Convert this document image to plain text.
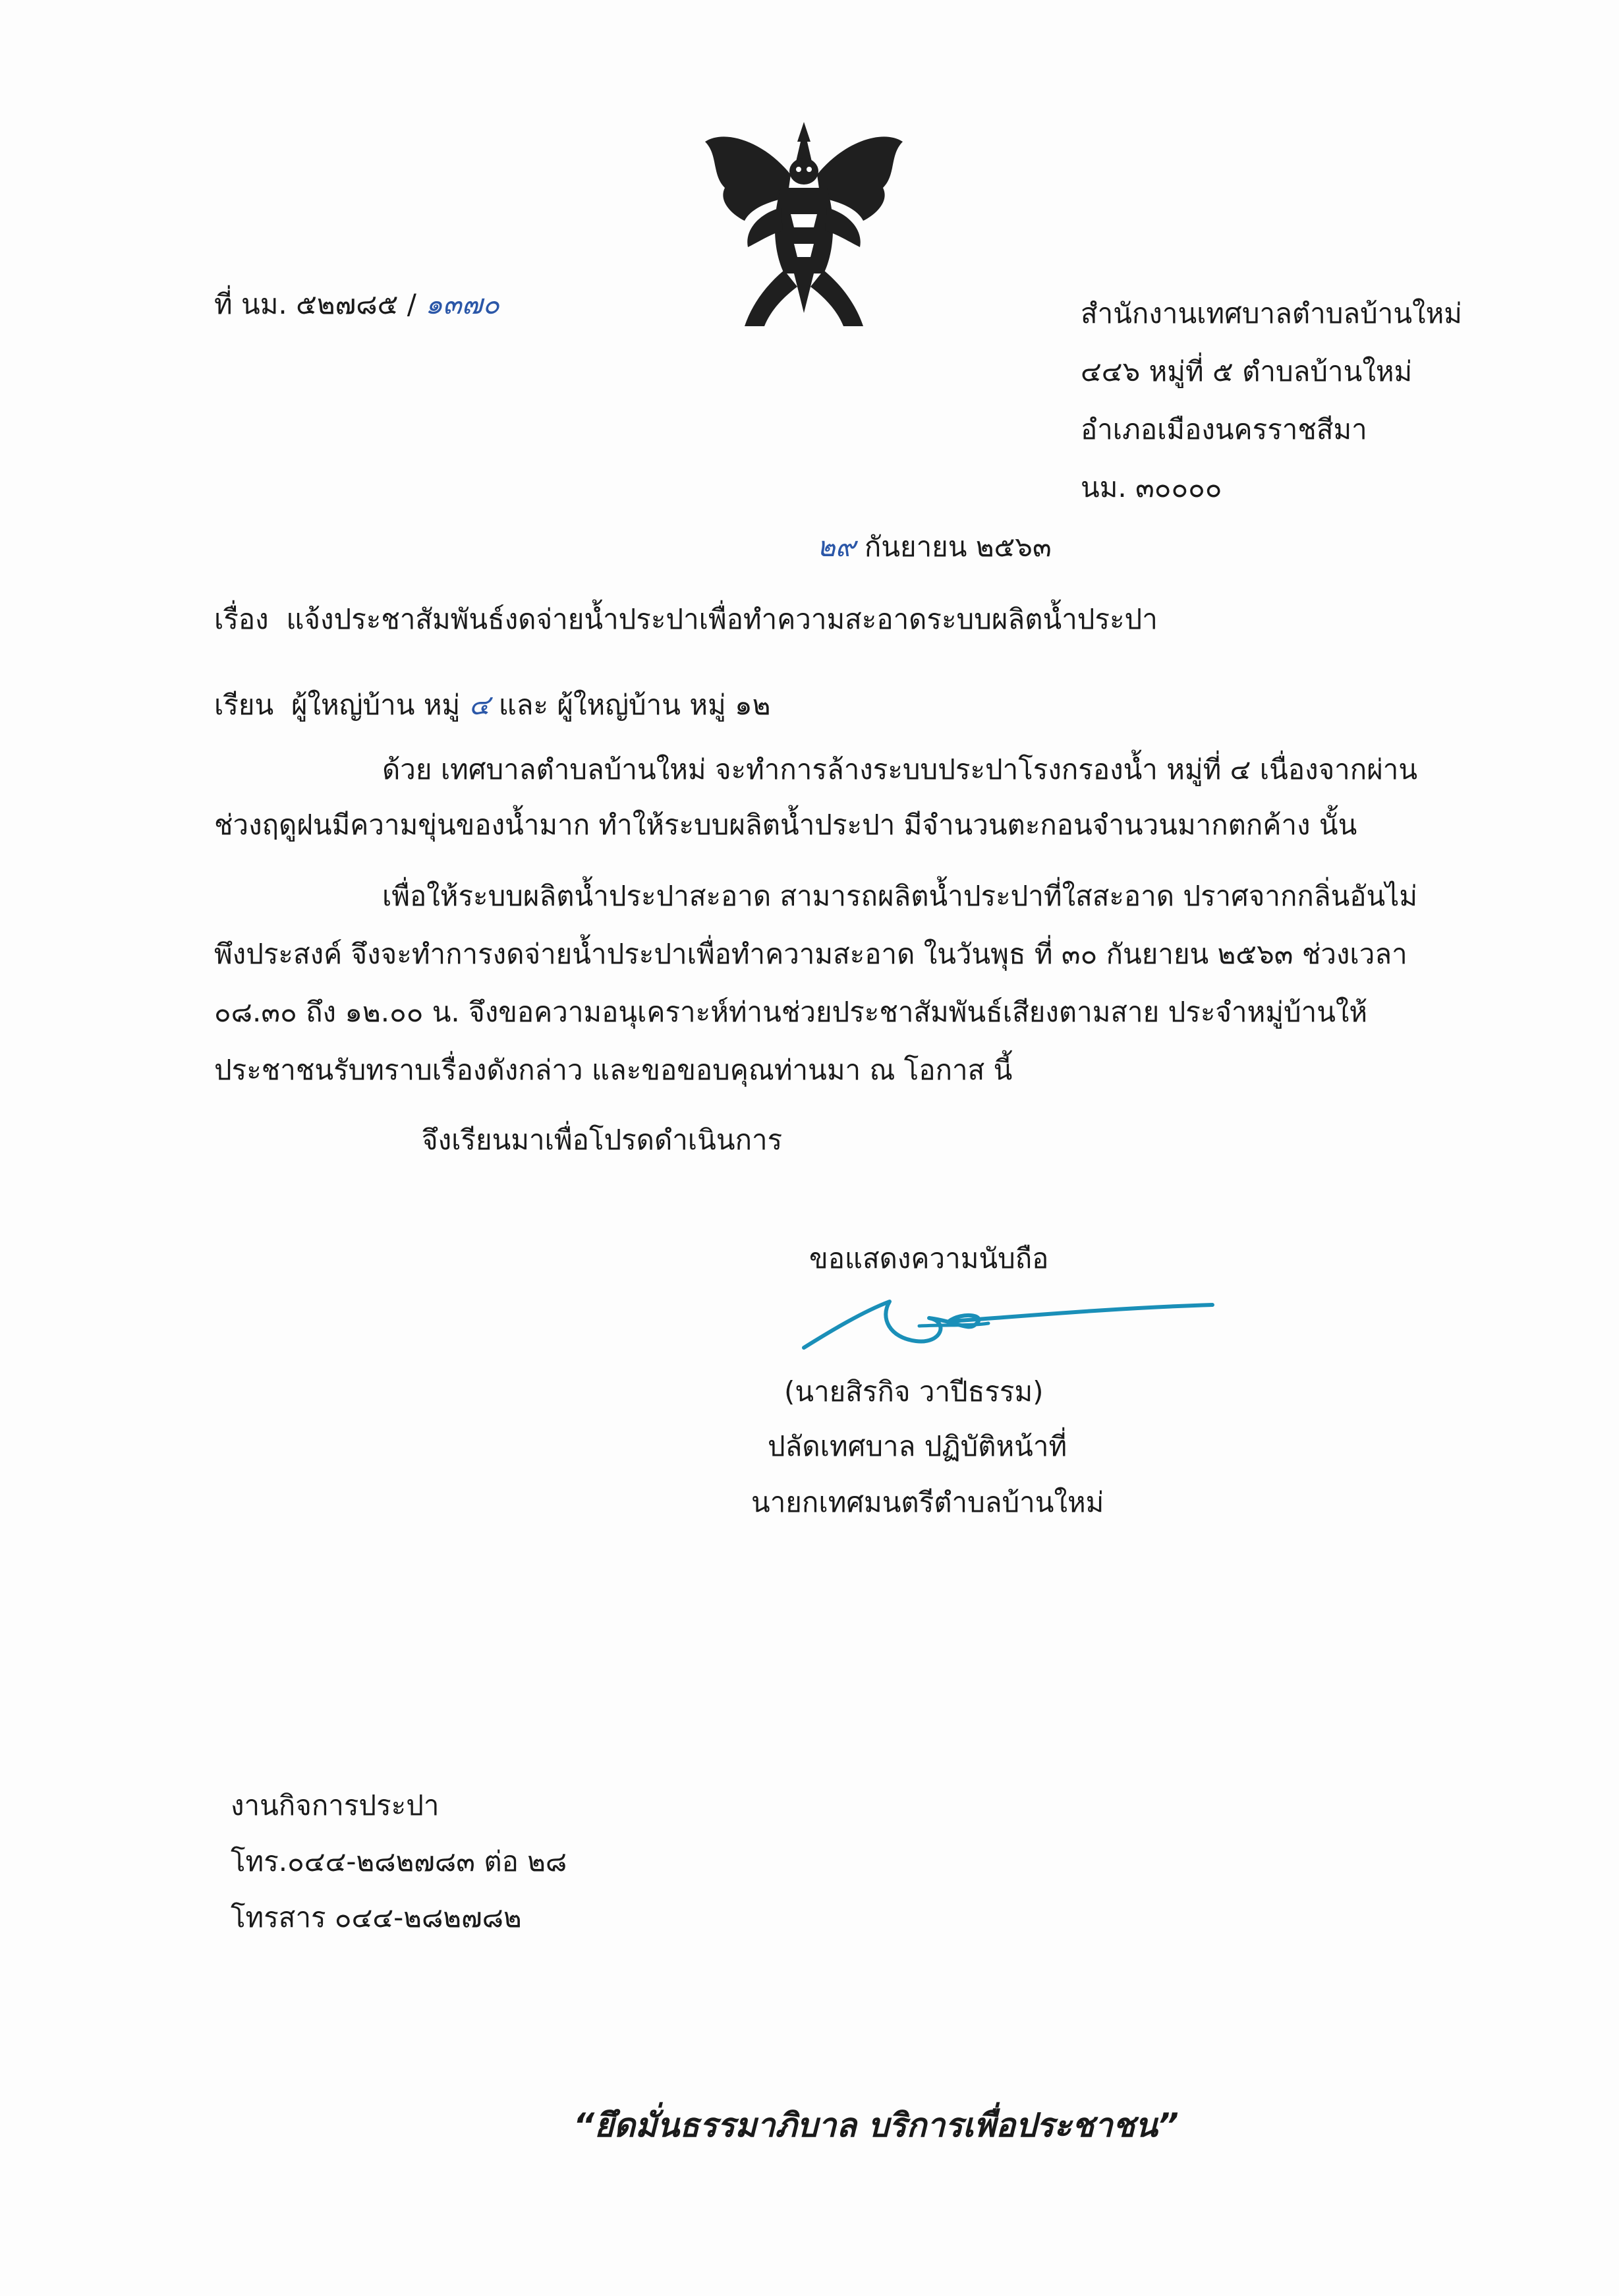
ที่ นม. ๕๒๗๘๕ / ๑๓๗๐	สำนักงานเทศบาลตำบลบ้านใหม่
๔๔๖ หมู่ที่ ๕ ตำบลบ้านใหม่
อำเภอเมืองนครราชสีมา
นม. ๓๐๐๐๐
๒๙ กันยายน ๒๕๖๓
เรื่อง แจ้งประชาสัมพันธ์งดจ่ายน้ำประปาเพื่อทำความสะอาดระบบผลิตน้ำประปา
เรียน ผู้ใหญ่บ้าน หมู่ ๔ และ ผู้ใหญ่บ้าน หมู่ ๑๒
ด้วย เทศบาลตำบลบ้านใหม่ จะทำการล้างระบบประปาโรงกรองน้ำ หมู่ที่ ๔ เนื่องจากผ่าน
ช่วงฤดูฝนมีความขุ่นของน้ำมาก ทำให้ระบบผลิตน้ำประปา มีจำนวนตะกอนจำนวนมากตกค้าง นั้น
เพื่อให้ระบบผลิตน้ำประปาสะอาด สามารถผลิตน้ำประปาที่ใสสะอาด ปราศจากกลิ่นอันไม่
พึงประสงค์ จึงจะทำการงดจ่ายน้ำประปาเพื่อทำความสะอาด ในวันพุธ ที่ ๓๐ กันยายน ๒๕๖๓ ช่วงเวลา
๐๘.๓๐ ถึง ๑๒.๐๐ น. จึงขอความอนุเคราะห์ท่านช่วยประชาสัมพันธ์เสียงตามสาย ประจำหมู่บ้านให้
ประชาชนรับทราบเรื่องดังกล่าว และขอขอบคุณท่านมา ณ โอกาส นี้
จึงเรียนมาเพื่อโปรดดำเนินการ
ขอแสดงความนับถือ
(นายสิรกิจ วาปีธรรม)
ปลัดเทศบาล ปฏิบัติหน้าที่
นายกเทศมนตรีตำบลบ้านใหม่
งานกิจการประปา
โทร.๐๔๔-๒๘๒๗๘๓ ต่อ ๒๘
โทรสาร ๐๔๔-๒๘๒๗๘๒
“ยึดมั่นธรรมาภิบาล บริการเพื่อประชาชน”
